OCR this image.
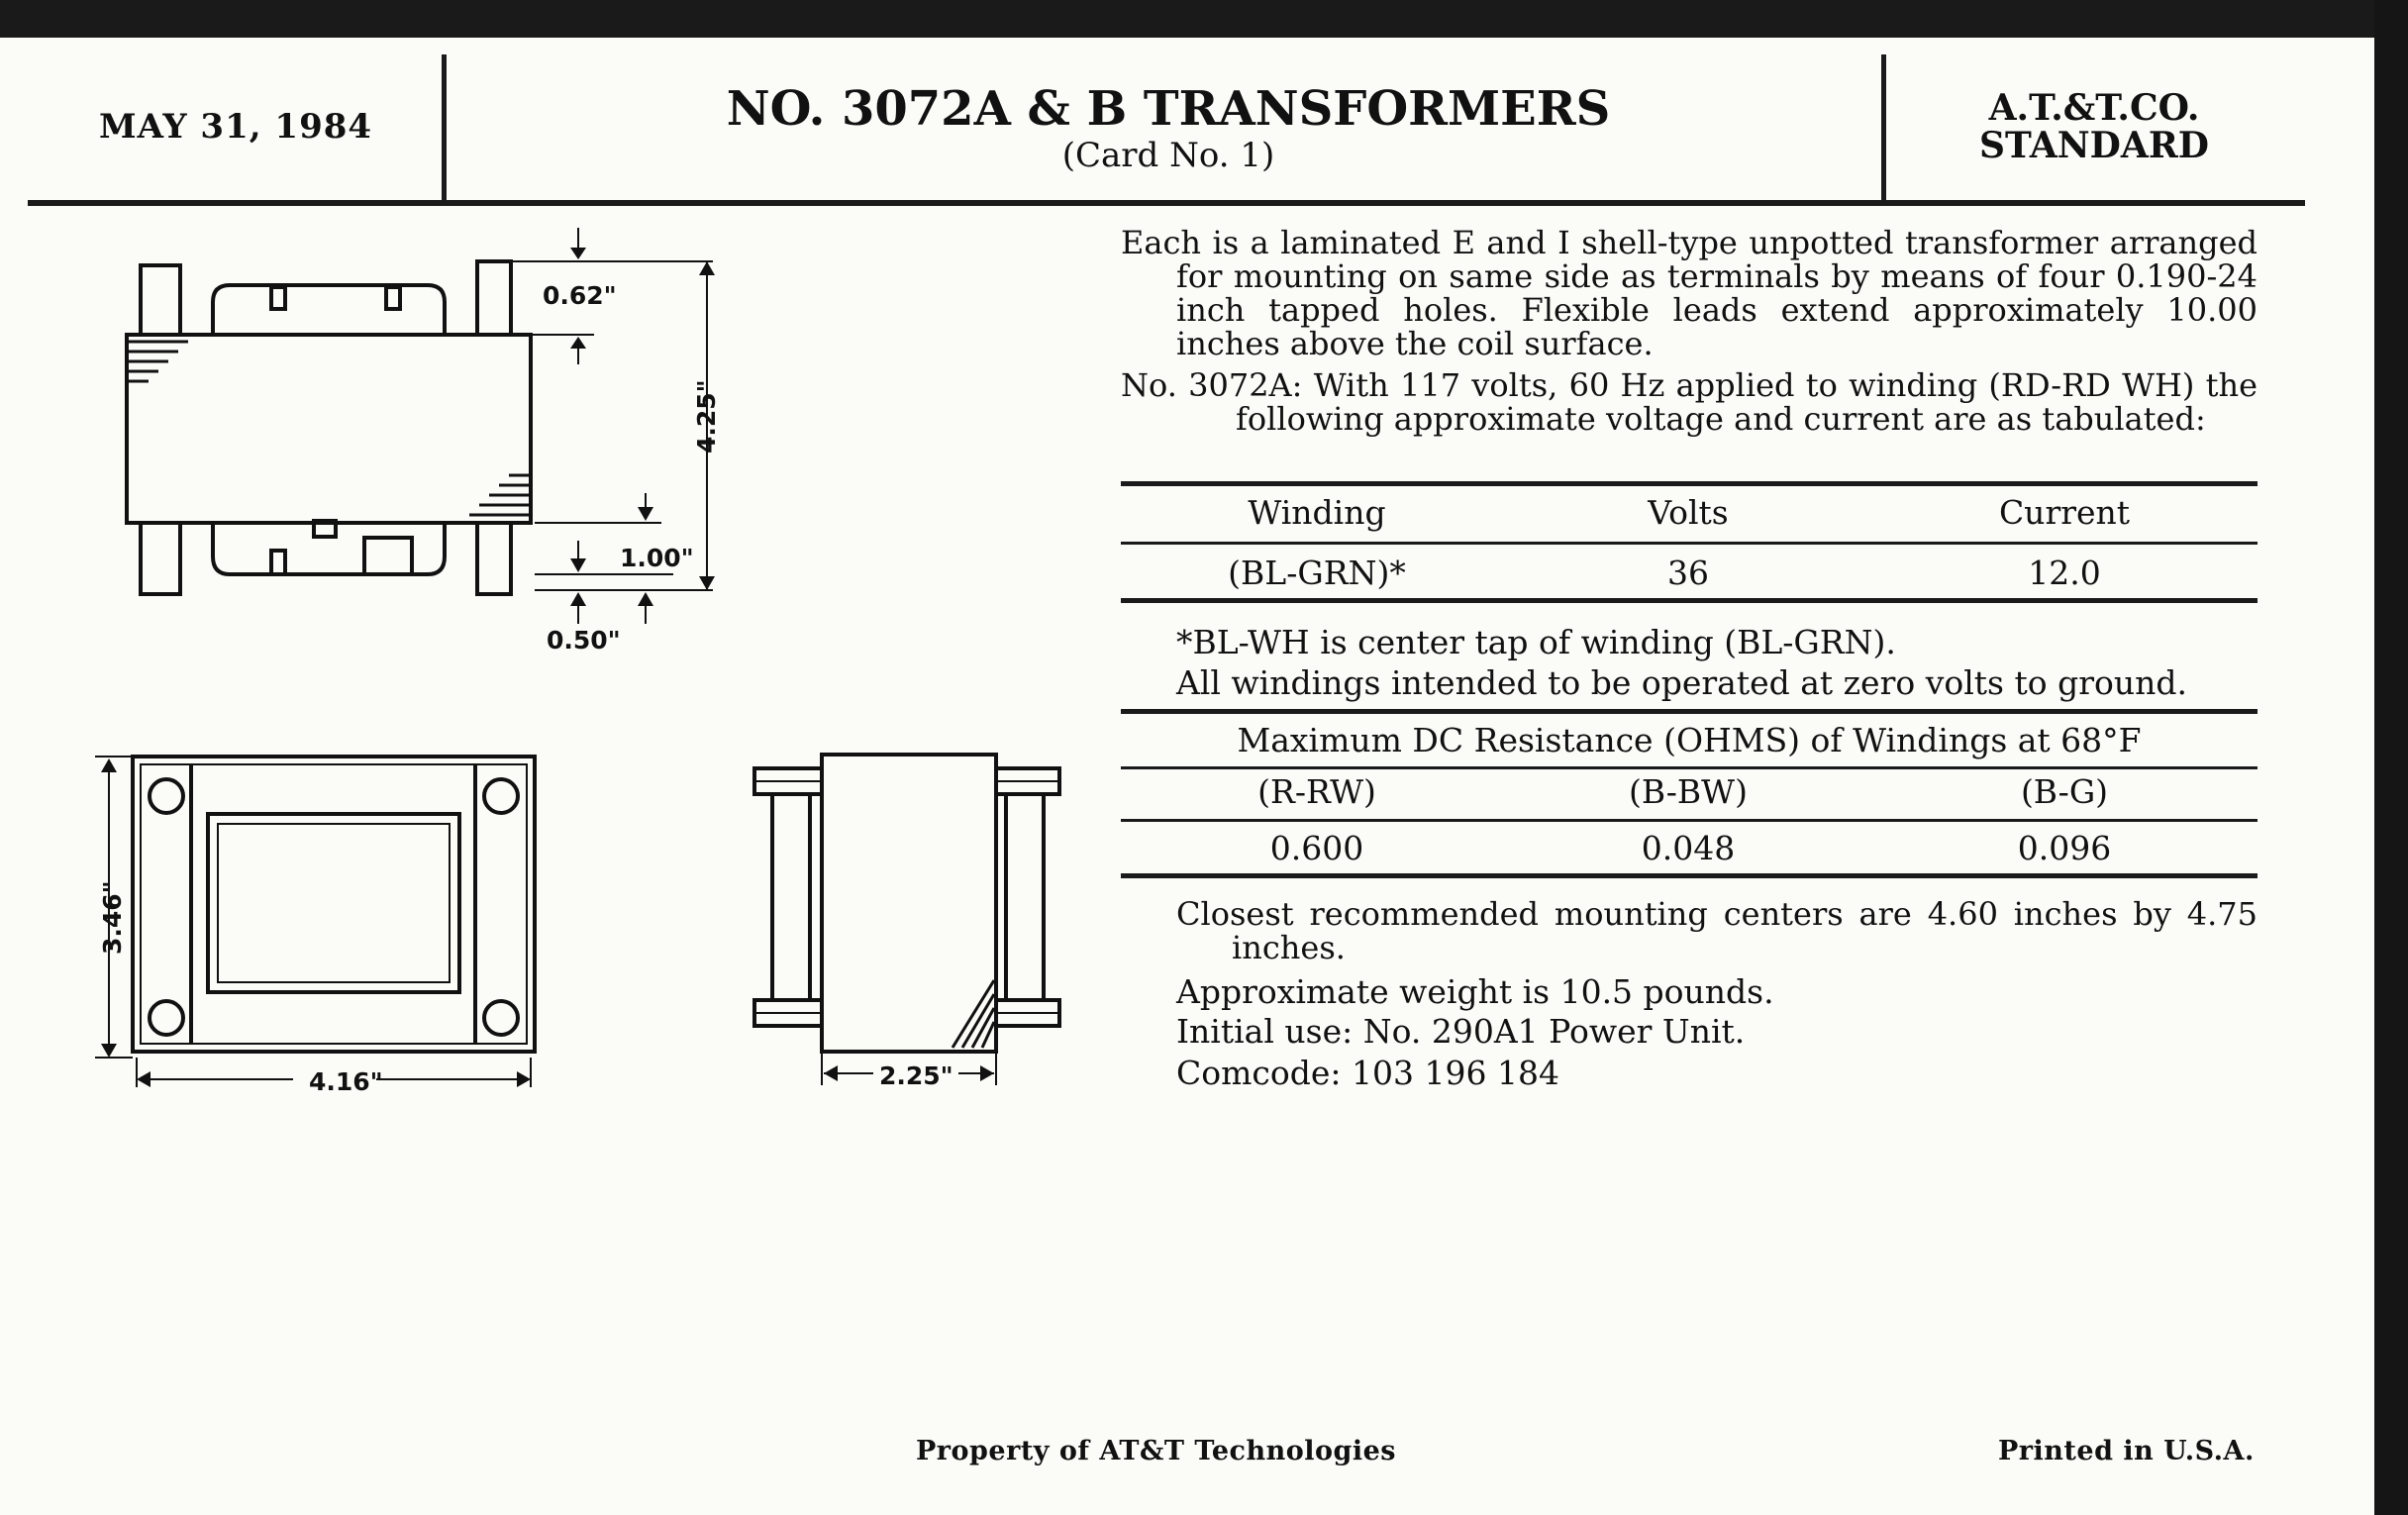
MAY 31, 1984	NO. 3072A & B TRANSFORMERS
(Card No. 1)
A.T.&T.CO.
STANDARD
Each is a laminated E and I shell-type unpotted transformer arranged for mounting on same side as terminals by means of four 0.190-24 inch tapped holes. Flexible leads extend approximately 10.00 inches above the coil surface.
No. 3072A: With 117 volts, 60 Hz applied to winding (RD-RD WH) the following approximate voltage and current are as tabulated:
Winding	Volts	Current
(BL-GRN)*	36	12.0
*BL-WH is center tap of winding (BL-GRN).
All windings intended to be operated at zero volts to ground.
Maximum DC Resistance (OHMS) of Windings at 68°F
(R-RW)	(B-BW)	(B-G)
0.600	0.048	0.096
Closest recommended mounting centers are 4.60 inches by 4.75 inches.
Approximate weight is 10.5 pounds.
Initial use: No. 290A1 Power Unit.
Comcode: 103 196 184
Property of AT&T Technologies	Printed in U.S.A.
0.62"
1.00"
0.50"
4.25"
4.16"
3.46"
2.25"
